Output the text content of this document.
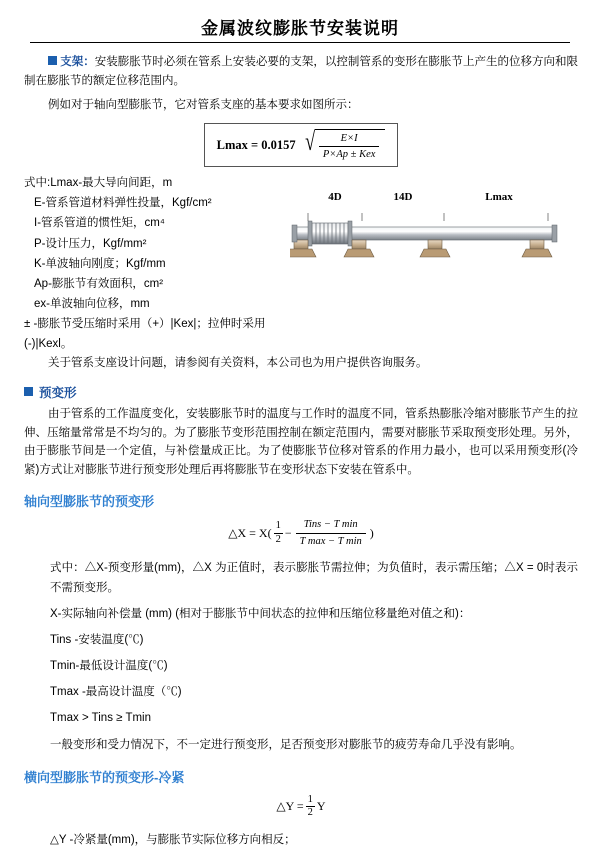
金属波纹膨胀节安装说明

支架：安装膨胀节时必须在管系上安装必要的支架，以控制管系的变形在膨胀节上产生的位移方向和限制在膨胀节的额定位移范围内。

例如对于轴向型膨胀节，它对管系支座的基本要求如图所示：

Lmax = 0.0157 √ $\frac{E\times I}{\text{P×Ap ± Kex}}$
式中:Lmax-最大导向间距，m
E-管系管道材料弹性投量，Kgf/cm²
I-管系管道的惯性矩，cm⁴
P-设计压力，Kgf/mm²
K-单波轴向刚度；Kgf/mm
Ap-膨胀节有效面积，cm²
ex-单波轴向位移，mm
± -膨胀节受压缩时采用（+）|Kex|；拉伸时采用(-)|Kexl。
4D	14D	Lmax

关于管系支座设计问题，请参阅有关资料，本公司也为用户提供咨询服务。

预变形

由于管系的工作温度变化，安装膨胀节时的温度与工作时的温度不同，管系热膨胀冷缩对膨胀节产生的拉伸、压缩量常常是不均匀的。为了膨胀节变形范围控制在额定范围内，需要对膨胀节采取预变形处理。另外，由于膨胀节间是一个定值，与补偿量成正比。为了使膨胀节位移对管系的作用力最小，也可以采用预变形(冷紧)方式让对膨胀节进行预变形处理后再将膨胀节在变形状态下安装在管系中。

轴向型膨胀节的预变形
△X = $X( \frac{1}{2} - \frac{\text{Tins − T min}}{\text{T max − T min}}$ )

式中：△X-预变形量(mm)，△X 为正值时，表示膨胀节需拉伸；为负值时，表示需压缩；△X = 0时表示不需预变形。

X-实际轴向补偿量 (mm) (相对于膨胀节中间状态的拉伸和压缩位移量绝对值之和)：

Tins -安装温度(℃)

Tmin-最低设计温度(℃)

Tmax -最高设计温度（℃)

Tmax > Tins ≥ Tmin

一般变形和受力情况下，不一定进行预变形，足否预变形对膨胀节的疲劳寿命几乎没有影响。

横向型膨胀节的预变形-冷紧
△Y = $\frac{1}{2}$ Y

△Y -冷紧量(mm)，与膨胀节实际位移方向相反；
